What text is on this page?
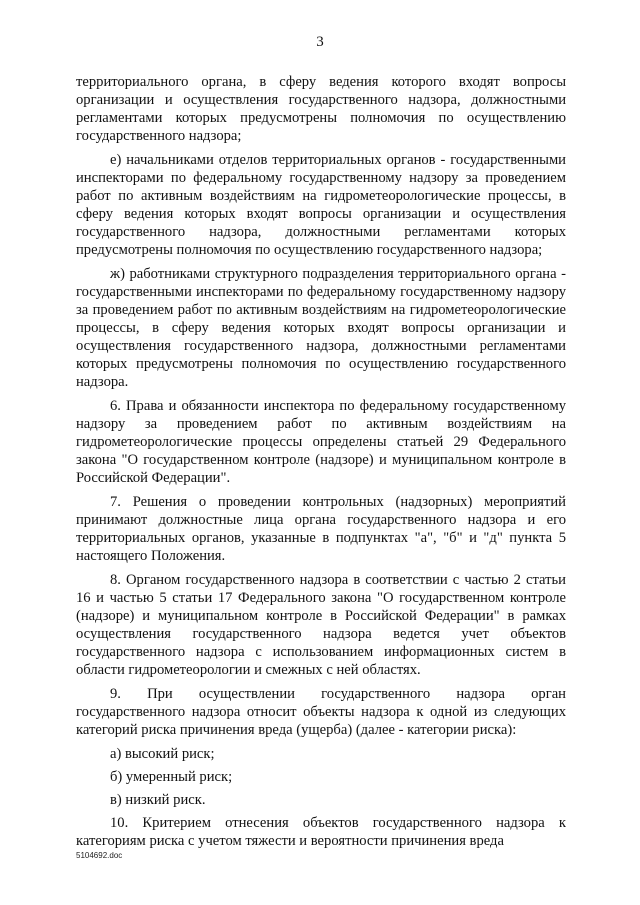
3

территориального органа, в сферу ведения которого входят вопросы организации и осуществления государственного надзора, должностными регламентами которых предусмотрены полномочия по осуществлению государственного надзора;

е) начальниками отделов территориальных органов - государственными инспекторами по федеральному государственному надзору за проведением работ по активным воздействиям на гидрометеорологические процессы, в сферу ведения которых входят вопросы организации и осуществления государственного надзора, должностными регламентами которых предусмотрены полномочия по осуществлению государственного надзора;

ж) работниками структурного подразделения территориального органа - государственными инспекторами по федеральному государственному надзору за проведением работ по активным воздействиям на гидрометеорологические процессы, в сферу ведения которых входят вопросы организации и осуществления государственного надзора, должностными регламентами которых предусмотрены полномочия по осуществлению государственного надзора.

6. Права и обязанности инспектора по федеральному государственному надзору за проведением работ по активным воздействиям на гидрометеорологические процессы определены статьей 29 Федерального закона "О государственном контроле (надзоре) и муниципальном контроле в Российской Федерации".

7. Решения о проведении контрольных (надзорных) мероприятий принимают должностные лица органа государственного надзора и его территориальных органов, указанные в подпунктах "а", "б" и "д" пункта 5 настоящего Положения.

8. Органом государственного надзора в соответствии с частью 2 статьи 16 и частью 5 статьи 17 Федерального закона "О государственном контроле (надзоре) и муниципальном контроле в Российской Федерации" в рамках осуществления государственного надзора ведется учет объектов государственного надзора с использованием информационных систем в области гидрометеорологии и смежных с ней областях.

9. При осуществлении государственного надзора орган государственного надзора относит объекты надзора к одной из следующих категорий риска причинения вреда (ущерба) (далее - категории риска):

а) высокий риск;
б) умеренный риск;
в) низкий риск.

10. Критерием отнесения объектов государственного надзора к категориям риска с учетом тяжести и вероятности причинения вреда

5104692.doc
